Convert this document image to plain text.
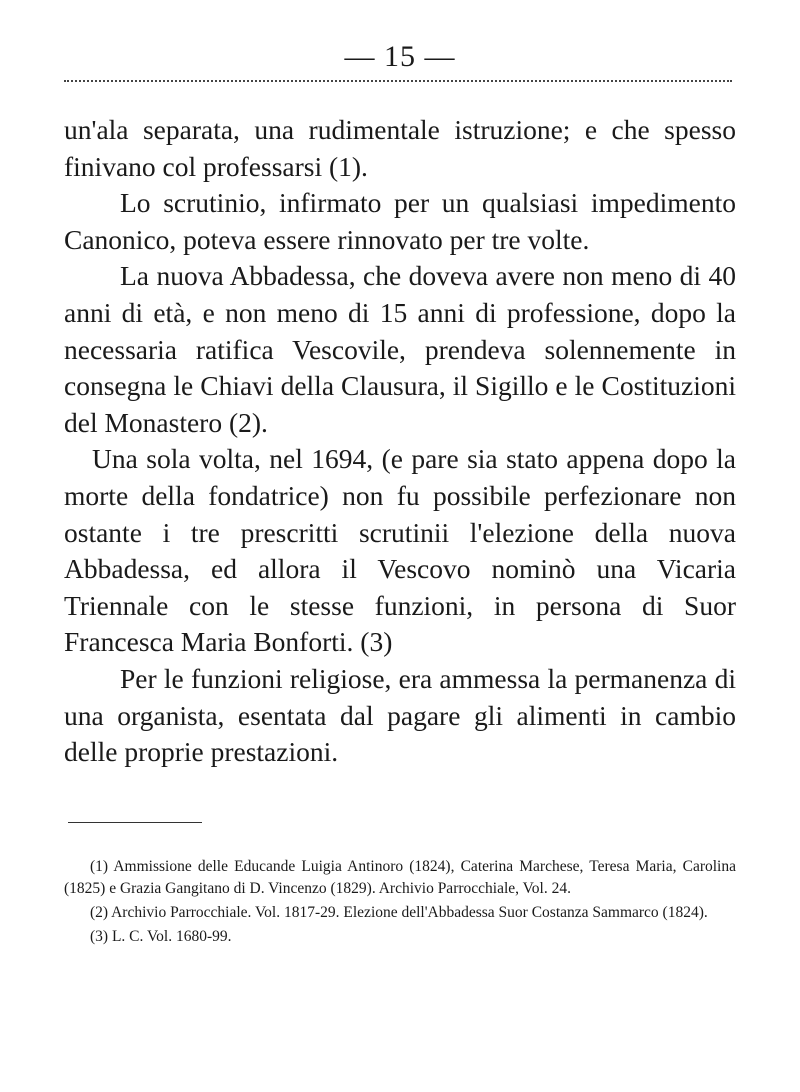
— 15 —

un'ala separata, una rudimentale istruzione; e che spesso finivano col professarsi (1).

Lo scrutinio, infirmato per un qualsiasi impedimento Canonico, poteva essere rinnovato per tre volte.

La nuova Abbadessa, che doveva avere non meno di 40 anni di età, e non meno di 15 anni di professione, dopo la necessaria ratifica Vescovile, prendeva solennemente in consegna le Chiavi della Clausura, il Sigillo e le Costituzioni del Monastero (2).

Una sola volta, nel 1694, (e pare sia stato appena dopo la morte della fondatrice) non fu possibile perfezionare non ostante i tre prescritti scrutinii l'elezione della nuova Abbadessa, ed allora il Vescovo nominò una Vicaria Triennale con le stesse funzioni, in persona di Suor Francesca Maria Bonforti. (3)

Per le funzioni religiose, era ammessa la permanenza di una organista, esentata dal pagare gli alimenti in cambio delle proprie prestazioni.

(1) Ammissione delle Educande Luigia Antinoro (1824), Caterina Marchese, Teresa Maria, Carolina (1825) e Grazia Gangitano di D. Vincenzo (1829). Archivio Parrocchiale, Vol. 24.

(2) Archivio Parrocchiale. Vol. 1817-29. Elezione dell'Abbadessa Suor Costanza Sammarco (1824).

(3) L. C. Vol. 1680-99.
